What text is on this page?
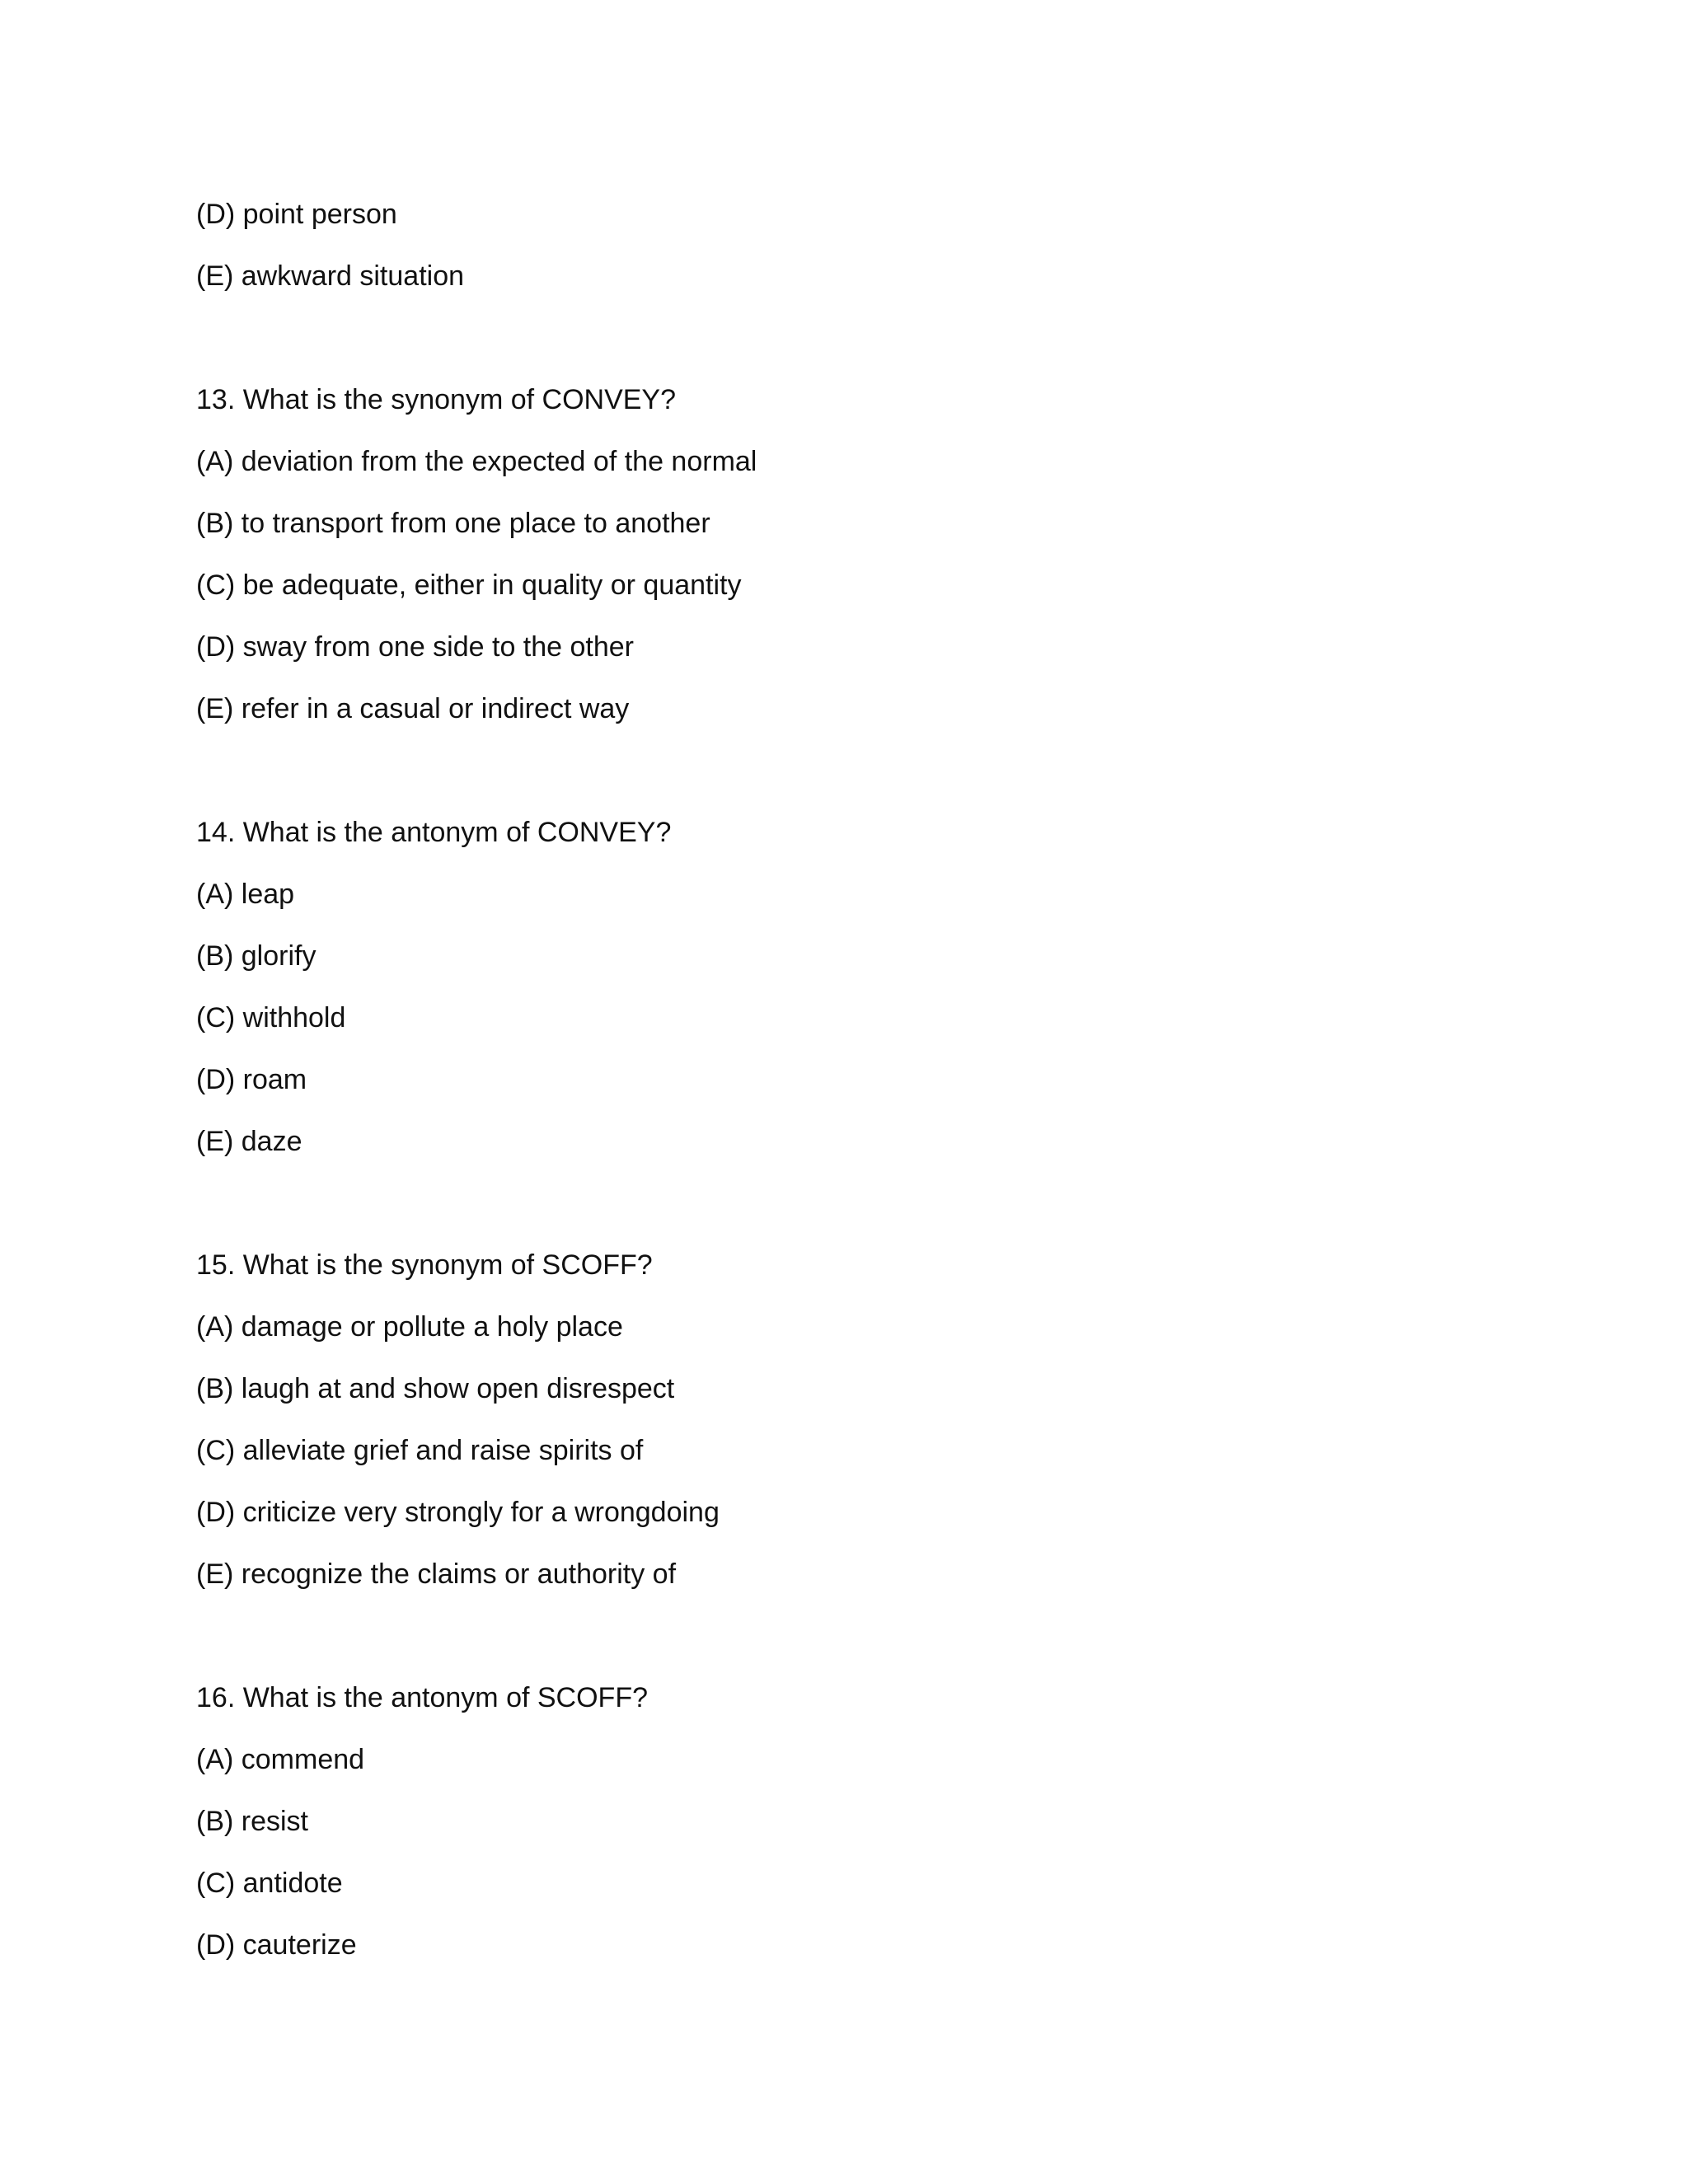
(D) point person
(E) awkward situation
13. What is the synonym of CONVEY?
(A) deviation from the expected of the normal
(B) to transport from one place to another
(C) be adequate, either in quality or quantity
(D) sway from one side to the other
(E) refer in a casual or indirect way
14. What is the antonym of CONVEY?
(A) leap
(B) glorify
(C) withhold
(D) roam
(E) daze
15. What is the synonym of SCOFF?
(A) damage or pollute a holy place
(B) laugh at and show open disrespect
(C) alleviate grief and raise spirits of
(D) criticize very strongly for a wrongdoing
(E) recognize the claims or authority of
16. What is the antonym of SCOFF?
(A) commend
(B) resist
(C) antidote
(D) cauterize
